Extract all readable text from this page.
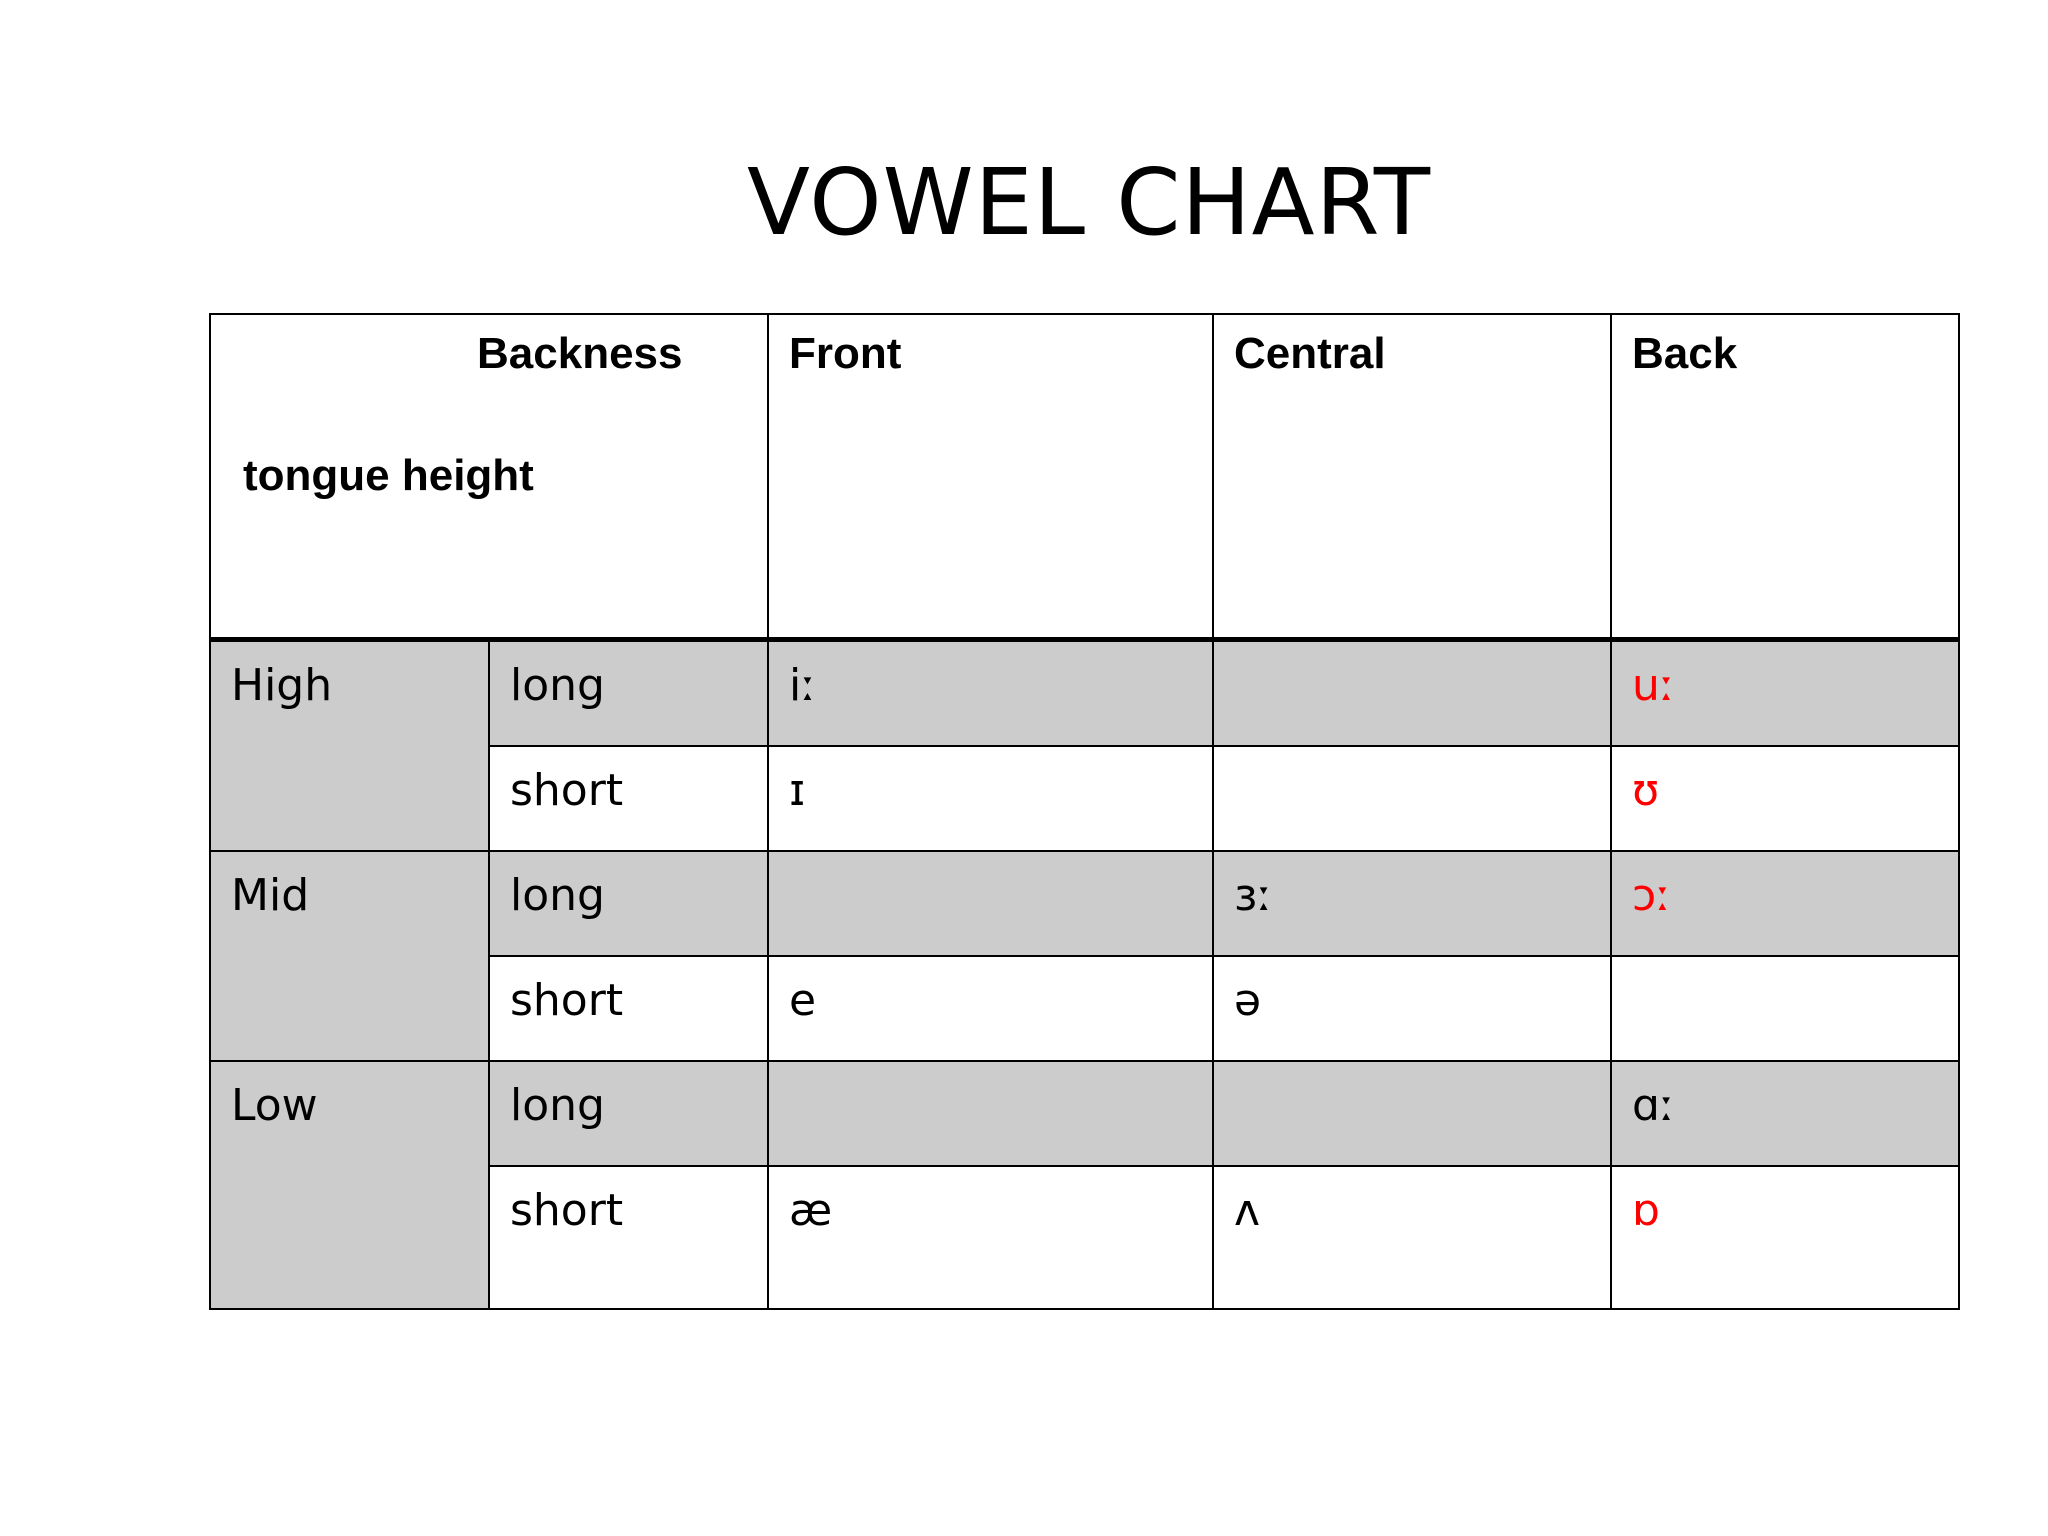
VOWEL CHART
Backness
tongue height		Front	Central	Back

High	long	iː		uː

	short	ɪ		ʊ

Mid	long		ɜː	ɔː

	short	e	ə	

Low	long			ɑː

	short	æ	ʌ	ɒ
